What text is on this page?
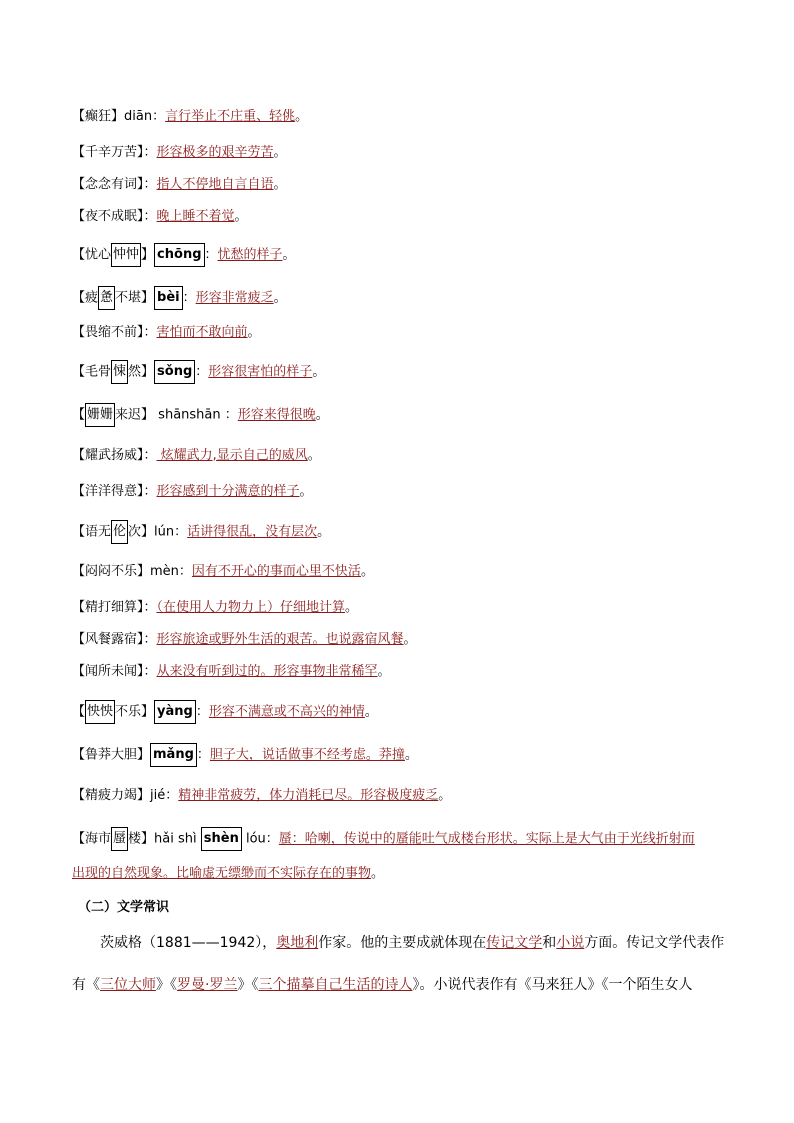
【癫狂】diān：言行举止不庄重、轻佻。
【千辛万苦】：形容极多的艰辛劳苦。
【念念有词】：指人不停地自言自语。
【夜不成眠】：晚上睡不着觉。
【忧心 忡忡 】 chōng ：忧愁的样子。
【疲 惫 不堪】 bèi ：形容非常疲乏。
【畏缩不前】：害怕而不敢向前。
【毛骨 悚 然】 sǒng ：形容很害怕的样子。
【 姗姗 来迟】 shānshān ：形容来得很晚。
【耀武扬威】： 炫耀武力,显示自己的威风。
【洋洋得意】：形容感到十分满意的样子。
【语无 伦 次】lún：话讲得很乱，没有层次。
【闷闷不乐】mèn：因有不开心的事而心里不快活。
【精打细算】：（在使用人力物力上）仔细地计算。
【风餐露宿】：形容旅途或野外生活的艰苦。也说露宿风餐。
【闻所未闻】：从来没有听到过的。形容事物非常稀罕。
【 怏怏 不乐】 yàng ：形容不满意或不高兴的神情。
【鲁莽大胆】 mǎng ：胆子大，说话做事不经考虑。莽撞。
【精疲力竭】jié：精神非常疲劳，体力消耗已尽。形容极度疲乏。
【海市 蜃 楼】hǎi shì shèn lóu：蜃：哈喇，传说中的蜃能吐气成楼台形状。实际上是大气由于光线折射而
出现的自然现象。比喻虚无缥缈而不实际存在的事物。
（二）文学常识
茨威格（1881——1942），奥地利作家。他的主要成就体现在传记文学和小说方面。传记文学代表作
有《三位大师》《罗曼·罗兰》《三个描摹自己生活的诗人》。小说代表作有《马来狂人》《一个陌生女人
